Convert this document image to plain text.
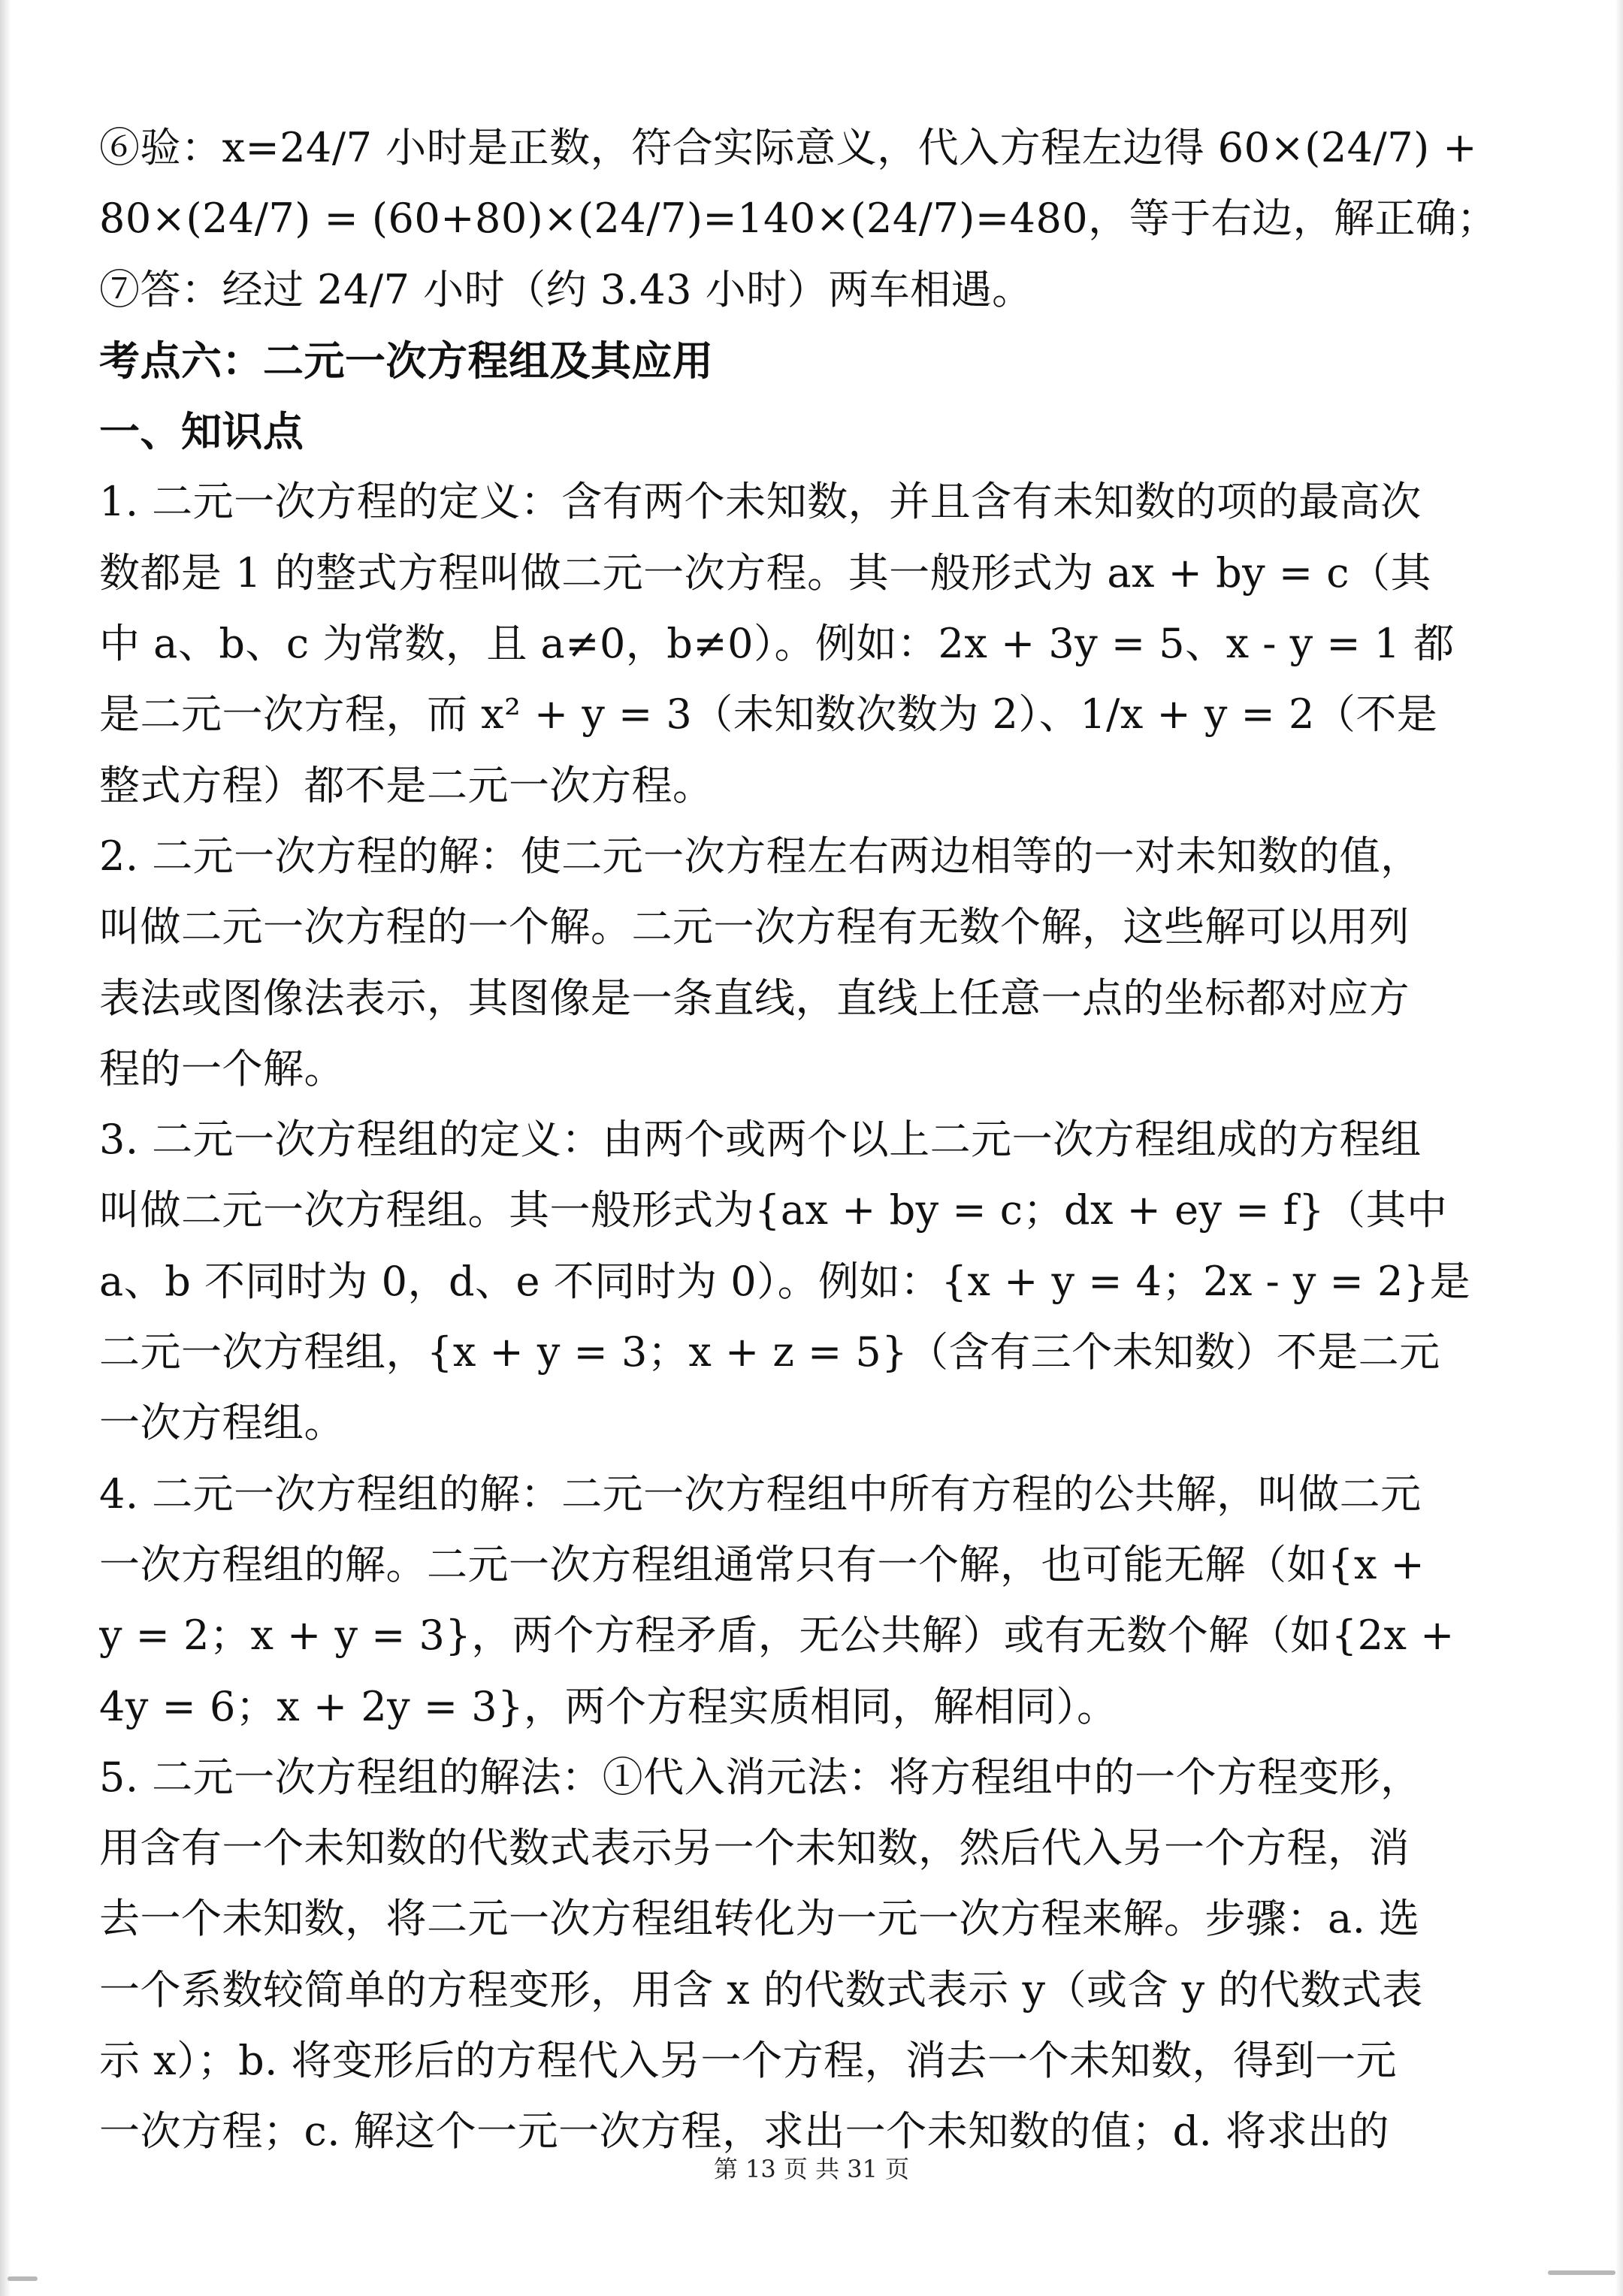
⑥验：x=24/7 小时是正数，符合实际意义，代入方程左边得 60×(24/7) +
80×(24/7) = (60+80)×(24/7)=140×(24/7)=480，等于右边，解正确；
⑦答：经过 24/7 小时（约 3.43 小时）两车相遇。
考点六：二元一次方程组及其应用
一、知识点
1. 二元一次方程的定义：含有两个未知数，并且含有未知数的项的最高次
数都是 1 的整式方程叫做二元一次方程。其一般形式为 ax + by = c（其
中 a、b、c 为常数，且 a≠0，b≠0）。例如：2x + 3y = 5、x - y = 1 都
是二元一次方程，而 x² + y = 3（未知数次数为 2）、1/x + y = 2（不是
整式方程）都不是二元一次方程。
2. 二元一次方程的解：使二元一次方程左右两边相等的一对未知数的值，
叫做二元一次方程的一个解。二元一次方程有无数个解，这些解可以用列
表法或图像法表示，其图像是一条直线，直线上任意一点的坐标都对应方
程的一个解。
3. 二元一次方程组的定义：由两个或两个以上二元一次方程组成的方程组
叫做二元一次方程组。其一般形式为{ax + by = c；dx + ey = f}（其中
a、b 不同时为 0，d、e 不同时为 0）。例如：{x + y = 4；2x - y = 2}是
二元一次方程组，{x + y = 3；x + z = 5}（含有三个未知数）不是二元
一次方程组。
4. 二元一次方程组的解：二元一次方程组中所有方程的公共解，叫做二元
一次方程组的解。二元一次方程组通常只有一个解，也可能无解（如{x +
y = 2；x + y = 3}，两个方程矛盾，无公共解）或有无数个解（如{2x +
4y = 6；x + 2y = 3}，两个方程实质相同，解相同）。
5. 二元一次方程组的解法：①代入消元法：将方程组中的一个方程变形，
用含有一个未知数的代数式表示另一个未知数，然后代入另一个方程，消
去一个未知数，将二元一次方程组转化为一元一次方程来解。步骤：a. 选
一个系数较简单的方程变形，用含 x 的代数式表示 y（或含 y 的代数式表
示 x）；b. 将变形后的方程代入另一个方程，消去一个未知数，得到一元
一次方程；c. 解这个一元一次方程，求出一个未知数的值；d. 将求出的
第 13 页 共 31 页
